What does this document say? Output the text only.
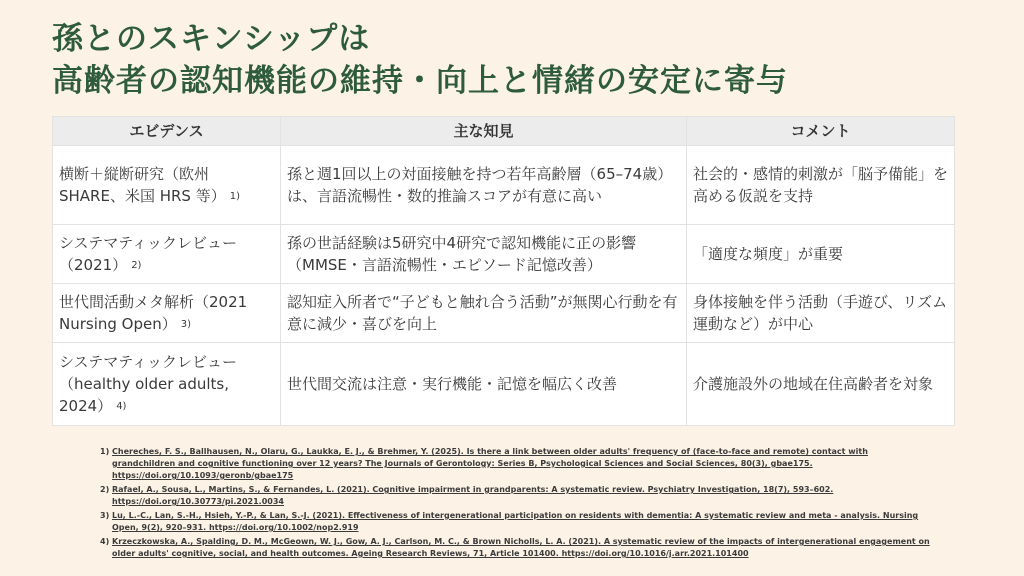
孫とのスキンシップは
高齢者の認知機能の維持・向上と情緒の安定に寄与
エビデンス	主な知見	コメント
横断＋縦断研究（欧州SHARE、米国 HRS 等） $^{1)}$	孫と週1回以上の対面接触を持つ若年高齢層（65–74歳）は、言語流暢性・数的推論スコアが有意に高い	社会的・感情的刺激が「脳予備能」を高める仮説を支持
システマティックレビュー（2021） $^{2)}$	孫の世話経験は5研究中4研究で認知機能に正の影響（MMSE・言語流暢性・エピソード記憶改善）	「適度な頻度」が重要
世代間活動メタ解析（2021 Nursing Open） $^{3)}$	認知症入所者で“子どもと触れ合う活動”が無関心行動を有意に減少・喜びを向上	身体接触を伴う活動（手遊び、リズム運動など）が中心
システマティックレビュー（healthy older adults, 2024） $^{4)}$	世代間交流は注意・実行機能・記憶を幅広く改善	介護施設外の地域在住高齢者を対象
1) Chereches, F. S., Ballhausen, N., Olaru, G., Laukka, E. J., & Brehmer, Y. (2025). Is there a link between older adults' frequency of (face-to-face and remote) contact with grandchildren and cognitive functioning over 12 years? The Journals of Gerontology: Series B, Psychological Sciences and Social Sciences, 80(3), gbae175. https://doi.org/10.1093/geronb/gbae175
2) Rafael, A., Sousa, L., Martins, S., & Fernandes, L. (2021). Cognitive impairment in grandparents: A systematic review. Psychiatry Investigation, 18(7), 593–602. https://doi.org/10.30773/pi.2021.0034
3) Lu, L.-C., Lan, S.-H., Hsieh, Y.-P., & Lan, S.-J. (2021). Effectiveness of intergenerational participation on residents with dementia: A systematic review and meta - analysis. Nursing Open, 9(2), 920–931. https://doi.org/10.1002/nop2.919
4) Krzeczkowska, A., Spalding, D. M., McGeown, W. J., Gow, A. J., Carlson, M. C., & Brown Nicholls, L. A. (2021). A systematic review of the impacts of intergenerational engagement on older adults' cognitive, social, and health outcomes. Ageing Research Reviews, 71, Article 101400. https://doi.org/10.1016/j.arr.2021.101400
